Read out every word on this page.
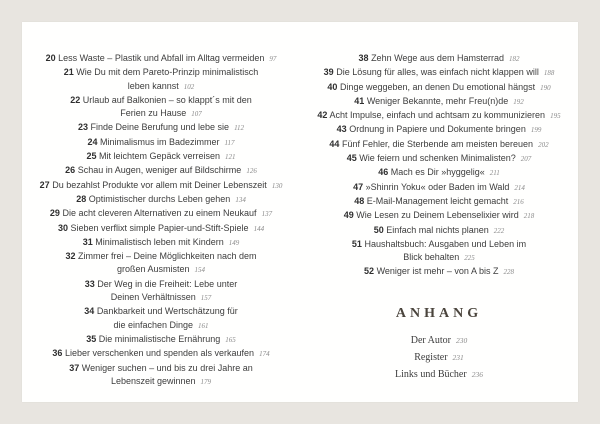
20 Less Waste – Plastik und Abfall im Alltag vermeiden 97
21 Wie Du mit dem Pareto-Prinzip minimalistisch
leben kannst 102
22 Urlaub auf Balkonien – so klappt´s mit den
Ferien zu Hause 107
23 Finde Deine Berufung und lebe sie 112
24 Minimalismus im Badezimmer 117
25 Mit leichtem Gepäck verreisen 121
26 Schau in Augen, weniger auf Bildschirme 126
27 Du bezahlst Produkte vor allem mit Deiner Lebenszeit 130
28 Optimistischer durchs Leben gehen 134
29 Die acht cleveren Alternativen zu einem Neukauf 137
30 Sieben verflixt simple Papier-und-Stift-Spiele 144
31 Minimalistisch leben mit Kindern 149
32 Zimmer frei – Deine Möglichkeiten nach dem
großen Ausmisten 154
33 Der Weg in die Freiheit: Lebe unter
Deinen Verhältnissen 157
34 Dankbarkeit und Wertschätzung für
die einfachen Dinge 161
35 Die minimalistische Ernährung 165
36 Lieber verschenken und spenden als verkaufen 174
37 Weniger suchen – und bis zu drei Jahre an
Lebenszeit gewinnen 179
38 Zehn Wege aus dem Hamsterrad 182
39 Die Lösung für alles, was einfach nicht klappen will 188
40 Dinge weggeben, an denen Du emotional hängst 190
41 Weniger Bekannte, mehr Freu(n)de 192
42 Acht Impulse, einfach und achtsam zu kommunizieren 195
43 Ordnung in Papiere und Dokumente bringen 199
44 Fünf Fehler, die Sterbende am meisten bereuen 202
45 Wie feiern und schenken Minimalisten? 207
46 Mach es Dir »hyggelig« 211
47 »Shinrin Yoku« oder Baden im Wald 214
48 E-Mail-Management leicht gemacht 216
49 Wie Lesen zu Deinem Lebenselixier wird 218
50 Einfach mal nichts planen 222
51 Haushaltsbuch: Ausgaben und Leben im
Blick behalten 225
52 Weniger ist mehr – von A bis Z 228
ANHANG
Der Autor 230
Register 231
Links und Bücher 236
